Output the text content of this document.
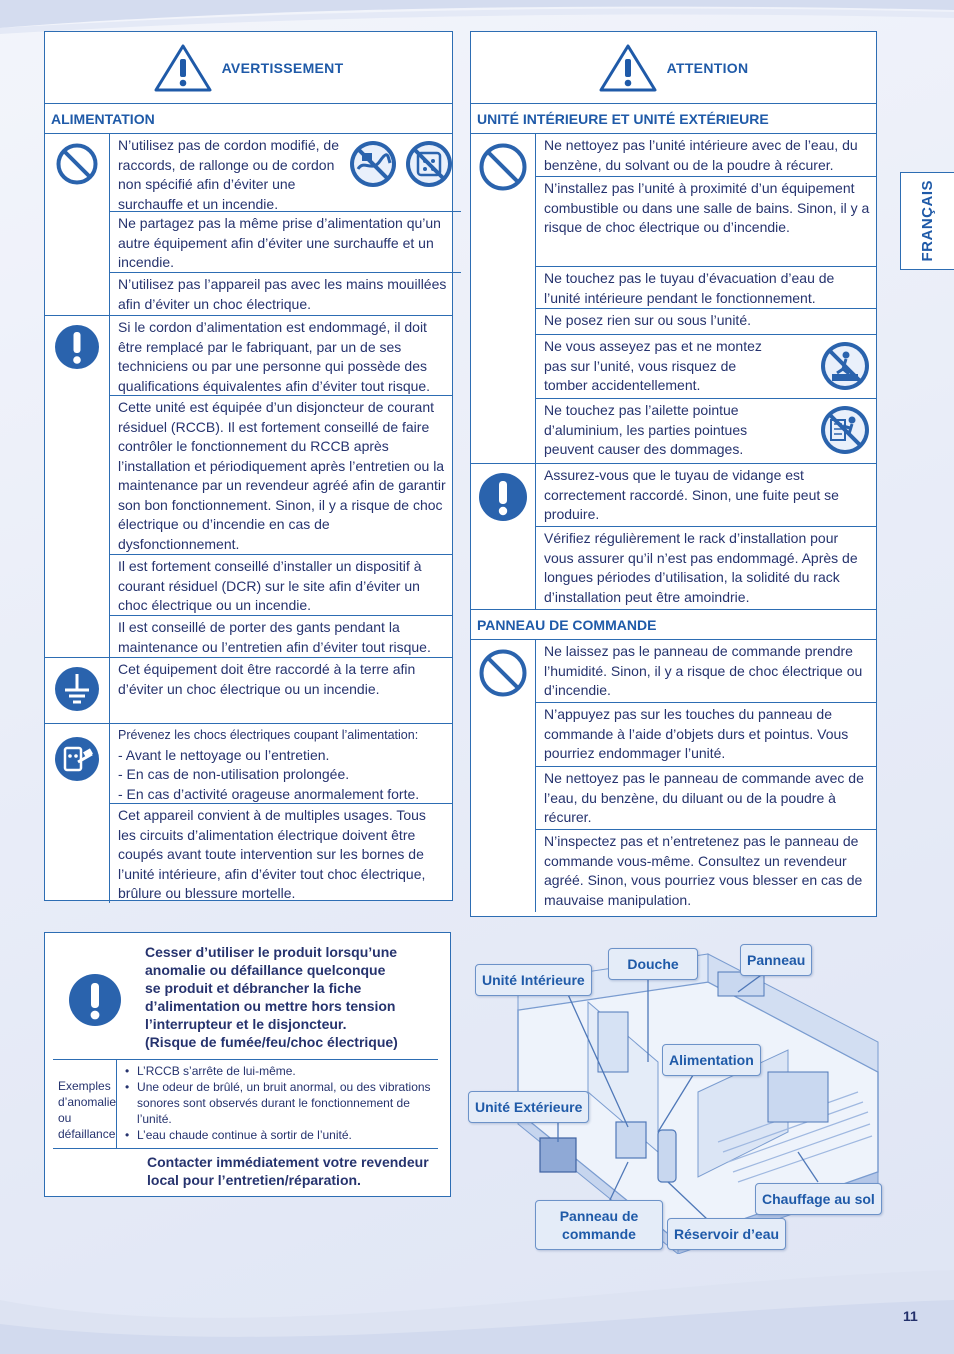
AVERTISSEMENT
ALIMENTATION
N’utilisez pas de cordon modifié, de raccords, de rallonge ou de cordon non spécifié afin d’éviter une surchauffe et un incendie.
Ne partagez pas la même prise d’alimentation qu’un autre équipement afin d’éviter une surchauffe et un incendie.
N’utilisez pas l’appareil pas avec les mains mouillées afin d’éviter un choc électrique.
Si le cordon d’alimentation est endommagé, il doit être remplacé par le fabriquant, par un de ses techniciens ou par une personne qui possède des qualifications équivalentes afin d’éviter tout risque.
Cette unité est équipée d’un disjoncteur de courant résiduel (RCCB). Il est fortement conseillé de faire contrôler le fonctionnement du RCCB après l’installation et périodiquement après l’entretien ou la maintenance par un revendeur agréé afin de garantir son bon fonctionnement. Sinon, il y a risque de choc électrique ou d’incendie en cas de dysfonctionnement.
Il est fortement conseillé d’installer un dispositif à courant résiduel (DCR) sur le site afin d’éviter un choc électrique ou un incendie.
Il est conseillé de porter des gants pendant la maintenance ou l’entretien afin d’éviter tout risque.
Cet équipement doit être raccordé à la terre afin d’éviter un choc électrique ou un incendie.
Prévenez les chocs électriques coupant l’alimentation:
- Avant le nettoyage ou l’entretien.
- En cas de non-utilisation prolongée.
- En cas d’activité orageuse anormalement forte.
Cet appareil convient à de multiples usages. Tous les circuits d’alimentation électrique doivent être coupés avant toute intervention sur les bornes de l’unité intérieure, afin d’éviter tout choc électrique, brûlure ou blessure mortelle.
ATTENTION
UNITÉ INTÉRIEURE ET UNITÉ EXTÉRIEURE
Ne nettoyez pas l’unité intérieure avec de l’eau, du benzène, du solvant ou de la poudre à récurer.
N’installez pas l’unité à proximité d’un équipement combustible ou dans une salle de bains. Sinon, il y a risque de choc électrique ou d’incendie.
Ne touchez pas le tuyau d’évacuation d’eau de l’unité intérieure pendant le fonctionnement.
Ne posez rien sur ou sous l’unité.
Ne vous asseyez pas et ne montez pas sur l’unité, vous risquez de tomber accidentellement.
Ne touchez pas l’ailette pointue d’aluminium, les parties pointues peuvent causer des dommages.
Assurez-vous que le tuyau de vidange est correctement raccordé. Sinon, une fuite peut se produire.
Vérifiez régulièrement le rack d’installation pour vous assurer qu’il n’est pas endommagé. Après de longues périodes d’utilisation, la solidité du rack d’installation peut être amoindrie.
PANNEAU DE COMMANDE
Ne laissez pas le panneau de commande prendre l’humidité. Sinon, il y a risque de choc électrique ou d’incendie.
N’appuyez pas sur les touches du panneau de commande à l’aide d’objets durs et pointus. Vous pourriez endommager l’unité.
Ne nettoyez pas le panneau de commande avec de l’eau, du benzène, du diluant ou de la poudre à récurer.
N’inspectez pas et n’entretenez pas le panneau de commande vous-même. Consultez un revendeur agréé. Sinon, vous pourriez vous blesser en cas de mauvaise manipulation.
FRANÇAIS
Cesser d’utiliser le produit lorsqu’une
anomalie ou défaillance quelconque
se produit et débrancher la fiche
d’alimentation ou mettre hors tension
l’interrupteur et le disjoncteur.
(Risque de fumée/feu/choc électrique)
Exemples d’anomalie ou défaillance
• L’RCCB s’arrête de lui-même.
• Une odeur de brûlé, un bruit anormal, ou des vibrations sonores sont observés durant le fonctionnement de l’unité.
• L’eau chaude continue à sortir de l’unité.
Contacter immédiatement votre revendeur
local pour l’entretien/réparation.
Unité Intérieure
Douche	Panneau
Alimentation
Unité Extérieure
Chauffage au sol
Panneau de
commande	Réservoir d’eau
11
